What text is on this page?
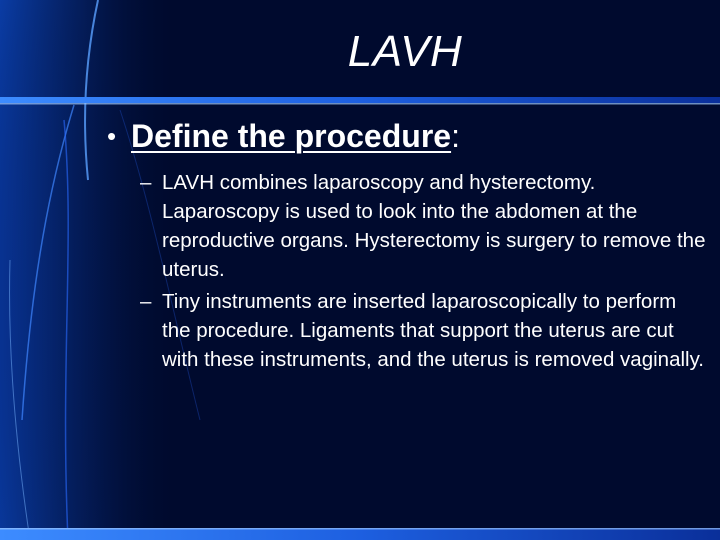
LAVH
• Define the procedure:
– LAVH combines laparoscopy and hysterectomy. Laparoscopy is used to look into the abdomen at the reproductive organs. Hysterectomy is surgery to remove the uterus.
– Tiny instruments are inserted laparoscopically to perform the procedure. Ligaments that support the uterus are cut with these instruments, and the uterus is removed vaginally.
